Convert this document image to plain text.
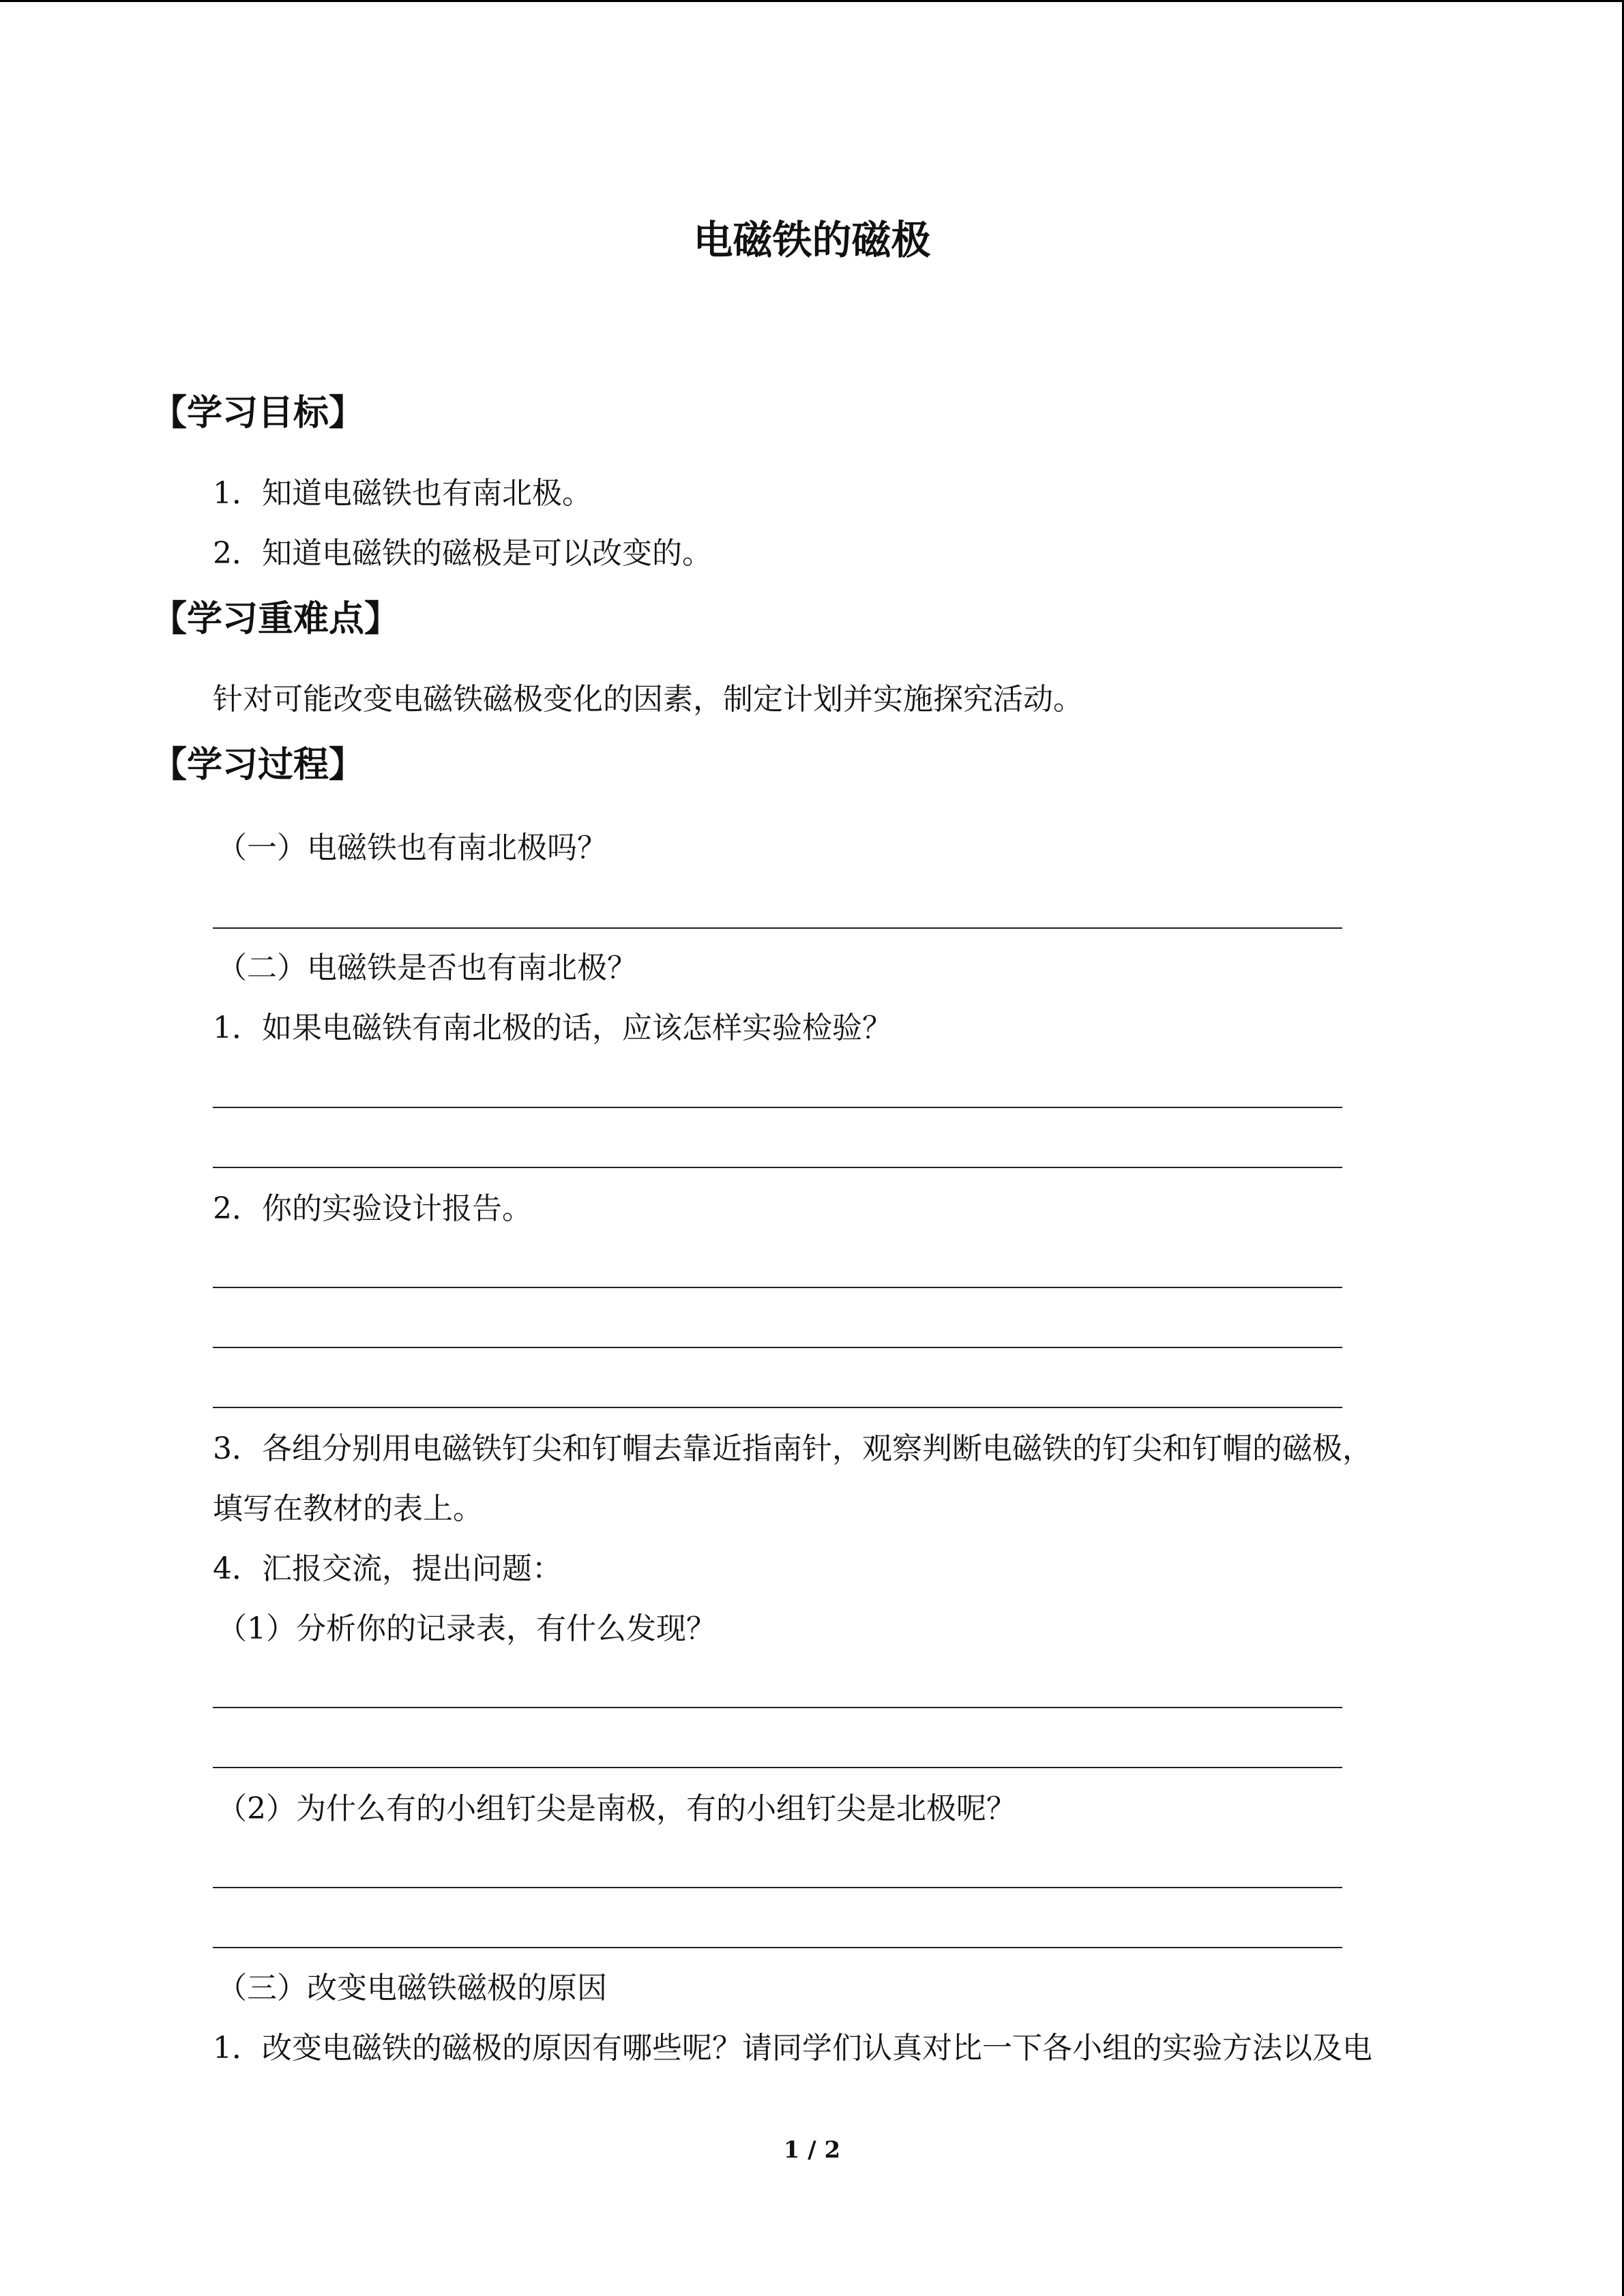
电磁铁的磁极
【学习目标】
1．知道电磁铁也有南北极。
2．知道电磁铁的磁极是可以改变的。
【学习重难点】
针对可能改变电磁铁磁极变化的因素，制定计划并实施探究活动。
【学习过程】
（一）电磁铁也有南北极吗？
（二）电磁铁是否也有南北极？
1．如果电磁铁有南北极的话，应该怎样实验检验？
2．你的实验设计报告。
3．各组分别用电磁铁钉尖和钉帽去靠近指南针，观察判断电磁铁的钉尖和钉帽的磁极，
填写在教材的表上。
4．汇报交流，提出问题：
（1）分析你的记录表，有什么发现？
（2）为什么有的小组钉尖是南极，有的小组钉尖是北极呢？
（三）改变电磁铁磁极的原因
1．改变电磁铁的磁极的原因有哪些呢？请同学们认真对比一下各小组的实验方法以及电
1 / 2
